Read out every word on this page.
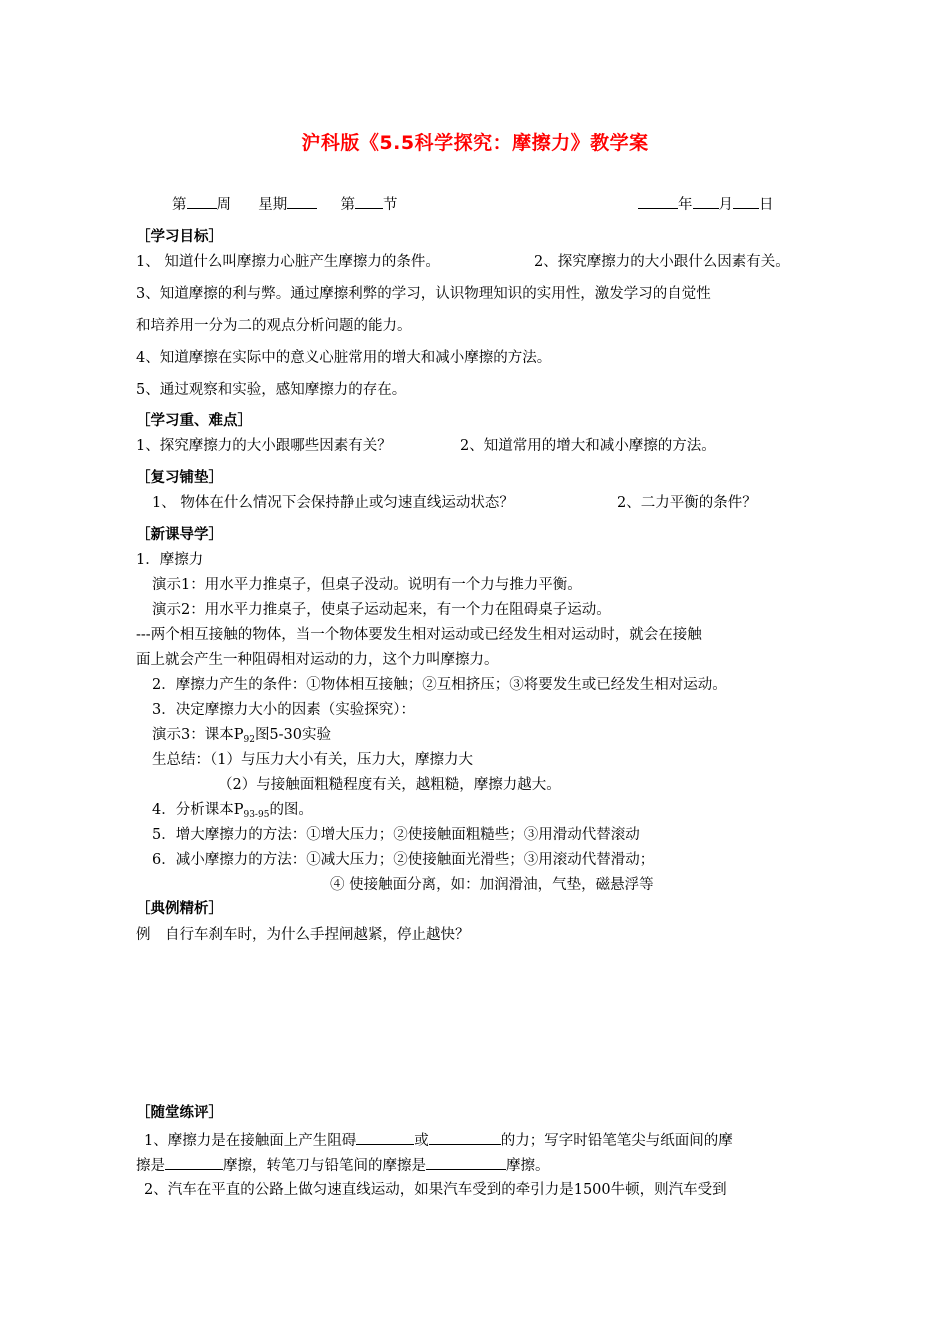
沪科版《5.5科学探究：摩擦力》教学案
第 周 星期	第 节	年 月 日
［学习目标］
1、 知道什么叫摩擦力心脏产生摩擦力的条件。	2、探究摩擦力的大小跟什么因素有关。
3、知道摩擦的利与弊。通过摩擦利弊的学习，认识物理知识的实用性，激发学习的自觉性
和培养用一分为二的观点分析问题的能力。
4、知道摩擦在实际中的意义心脏常用的增大和减小摩擦的方法。
5、通过观察和实验，感知摩擦力的存在。
［学习重、难点］
1、探究摩擦力的大小跟哪些因素有关？	2、知道常用的增大和减小摩擦的方法。
［复习铺垫］
1、 物体在什么情况下会保持静止或匀速直线运动状态？	2、二力平衡的条件？
［新课导学］
1．摩擦力
演示1：用水平力推桌子，但桌子没动。说明有一个力与推力平衡。
演示2：用水平力推桌子，使桌子运动起来，有一个力在阻碍桌子运动。
---两个相互接触的物体，当一个物体要发生相对运动或已经发生相对运动时，就会在接触
面上就会产生一种阻碍相对运动的力，这个力叫摩擦力。
2．摩擦力产生的条件：①物体相互接触；②互相挤压；③将要发生或已经发生相对运动。
3．决定摩擦力大小的因素（实验探究）：
演示3：课本$P_{92}$图5-30实验
生总结：（1）与压力大小有关，压力大，摩擦力大
（2）与接触面粗糙程度有关，越粗糙，摩擦力越大。
4．分析课本$P_{93-95}$的图。
5．增大摩擦力的方法：①增大压力；②使接触面粗糙些；③用滑动代替滚动
6．减小摩擦力的方法：①减大压力；②使接触面光滑些；③用滚动代替滑动；
④ 使接触面分离，如：加润滑油，气垫，磁悬浮等
［典例精析］
例　自行车刹车时，为什么手捏闸越紧，停止越快？
［随堂练评］
1、摩擦力是在接触面上产生阻碍	或	的力；写字时铅笔笔尖与纸面间的摩
擦是	摩擦，转笔刀与铅笔间的摩擦是	摩擦。
2、汽车在平直的公路上做匀速直线运动，如果汽车受到的牵引力是1500牛顿，则汽车受到
